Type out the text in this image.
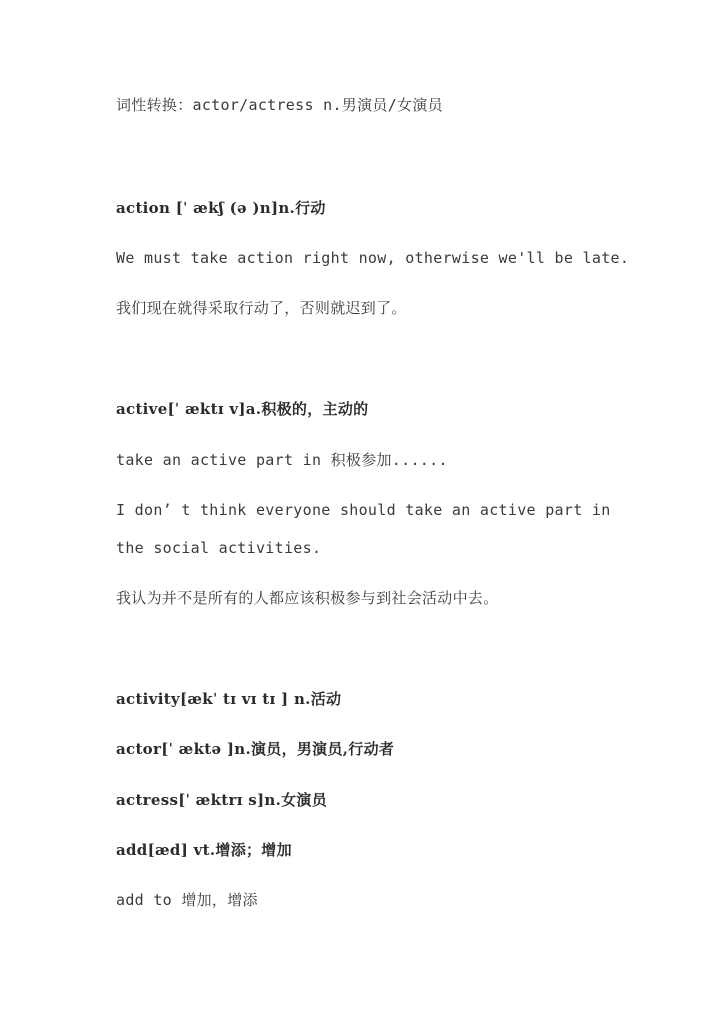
词性转换：actor/actress n.男演员/女演员
action [ˈ ækʃ (ə )n]n.行动
We must take action right now, otherwise we'll be late.
我们现在就得采取行动了，否则就迟到了。
active[ˈ æktɪ v]a.积极的，主动的
take an active part in 积极参加......
I don’ t think everyone should take an active part in
the social activities.
我认为并不是所有的人都应该积极参与到社会活动中去。
activity[ækˈ tɪ vɪ tɪ ] n.活动
actor[ˈ æktə ]n.演员，男演员,行动者
actress[ˈ æktrɪ s]n.女演员
add[æd] vt.增添；增加
add to 增加，增添
